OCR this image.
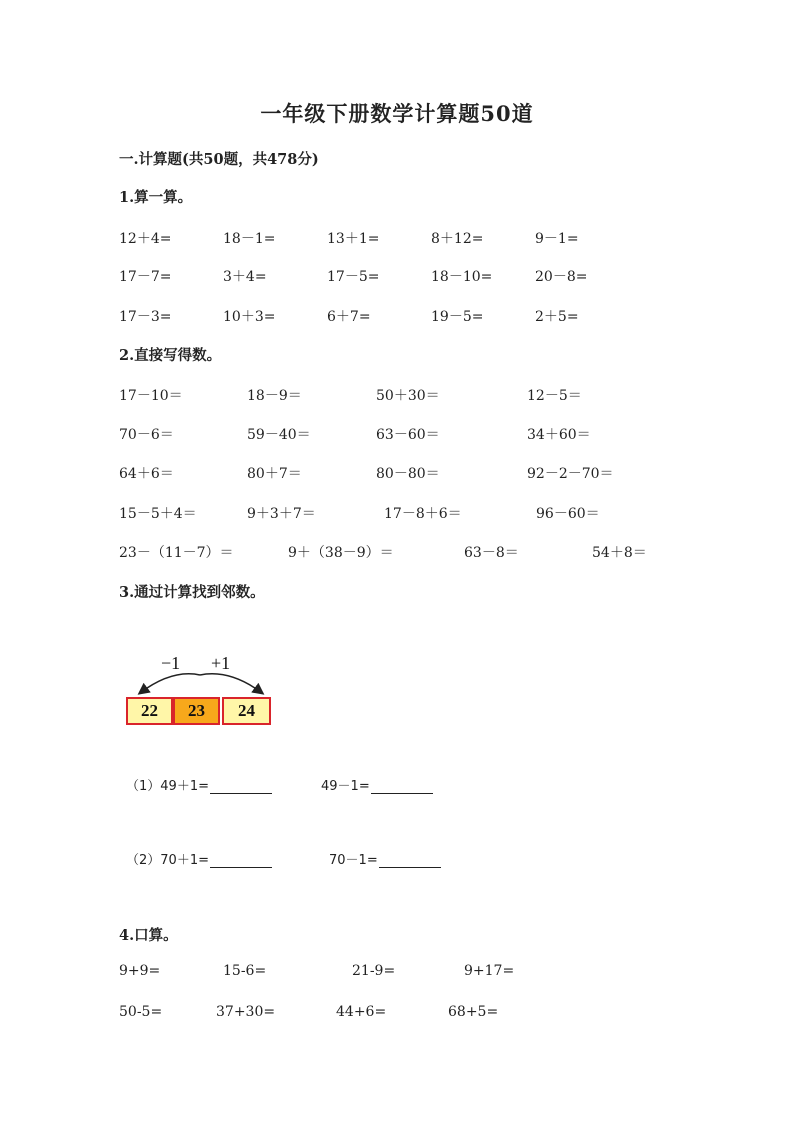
一年级下册数学计算题50道
一.计算题(共50题，共478分)
1.算一算。
12＋4=	18－1=	13＋1=	8＋12=	9－1=
17－7=	3＋4=	17－5=	18－10=	20－8=
17－3=	10＋3=	6＋7=	19－5=	2＋5=
2.直接写得数。
17－10＝	18－9＝	50＋30＝	12－5＝
70－6＝	59－40＝	63－60＝	34＋60＝
64＋6＝	80＋7＝	80－80＝	92－2－70＝
15－5＋4＝	9＋3＋7＝	17－8＋6＝	96－60＝
23－（11－7）＝	9＋（38－9）＝	63－8＝	54＋8＝
3.通过计算找到邻数。
−1 +1
22	23	24
（1）49＋1=	49－1=
（2）70＋1=	70－1=
4.口算。
9+9=	15-6=	21-9=	9+17=
50-5=	37+30=	44+6=	68+5=
